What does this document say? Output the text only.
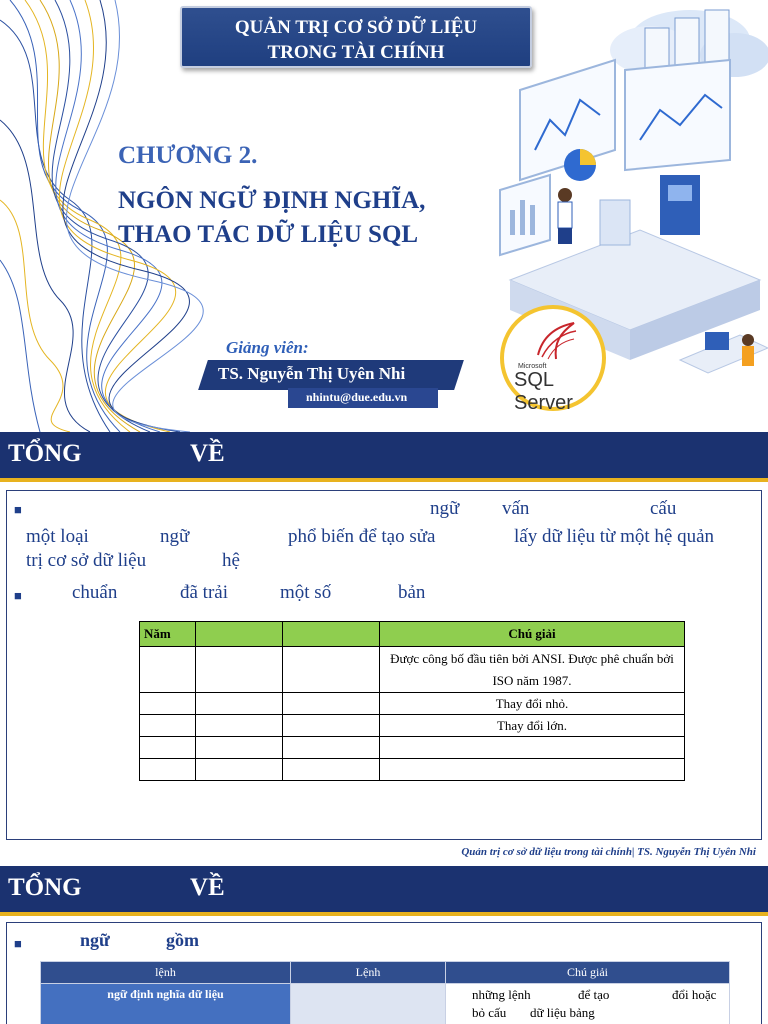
QUẢN TRỊ CƠ SỞ DỮ LIỆU
TRONG TÀI CHÍNH
CHƯƠNG 2.
NGÔN NGỮ ĐỊNH NGHĨA,
THAO TÁC DỮ LIỆU SQL
Giảng viên:
TS. Nguyễn Thị Uyên Nhi
nhintu@due.edu.vn
Microsoft
SQL Server
TỔNG	VỀ
■	ngữ vấn	cấu
một loại	ngữ	phổ biến để tạo sửa	lấy dữ liệu từ một hệ quản
trị cơ sở dữ liệu	hệ
■	chuẩn	đã trải	một số	bản
Năm			Chú giải
			Được công bố đầu tiên bởi ANSI. Được phê chuẩn bởi ISO năm 1987.
			Thay đổi nhỏ.
			Thay đổi lớn.

Quản trị cơ sở dữ liệu trong tài chính| TS. Nguyễn Thị Uyên Nhi
TỔNG	VỀ
■	ngữ	gồm
lệnh	Lệnh	Chú giải
ngữ định nghĩa dữ liệu		những lệnh để tạo đổi hoặc
bỏ cấu dữ liệu bảng
